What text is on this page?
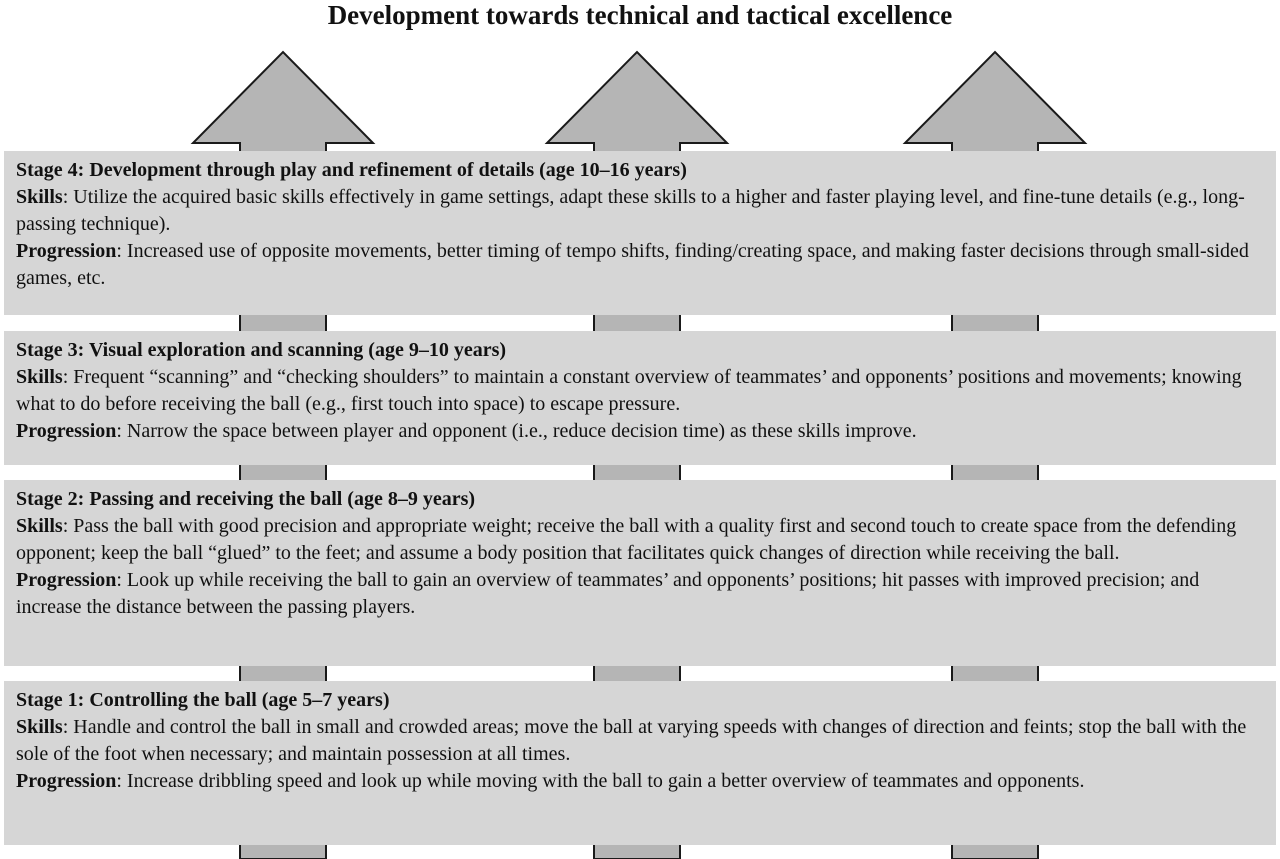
Development towards technical and tactical excellence

Stage 4: Development through play and refinement of details (age 10–16 years)

Skills: Utilize the acquired basic skills effectively in game settings, adapt these skills to a higher and faster playing level, and fine-tune details (e.g., long-passing technique).

Progression: Increased use of opposite movements, better timing of tempo shifts, finding/creating space, and making faster decisions through small-sided games, etc.

Stage 3: Visual exploration and scanning (age 9–10 years)

Skills: Frequent “scanning” and “checking shoulders” to maintain a constant overview of teammates’ and opponents’ positions and movements; knowing what to do before receiving the ball (e.g., first touch into space) to escape pressure.

Progression: Narrow the space between player and opponent (i.e., reduce decision time) as these skills improve.

Stage 2: Passing and receiving the ball (age 8–9 years)

Skills: Pass the ball with good precision and appropriate weight; receive the ball with a quality first and second touch to create space from the defending opponent; keep the ball “glued” to the feet; and assume a body position that facilitates quick changes of direction while receiving the ball.

Progression: Look up while receiving the ball to gain an overview of teammates’ and opponents’ positions; hit passes with improved precision; and increase the distance between the passing players.

Stage 1: Controlling the ball (age 5–7 years)

Skills: Handle and control the ball in small and crowded areas; move the ball at varying speeds with changes of direction and feints; stop the ball with the sole of the foot when necessary; and maintain possession at all times.

Progression: Increase dribbling speed and look up while moving with the ball to gain a better overview of teammates and opponents.
